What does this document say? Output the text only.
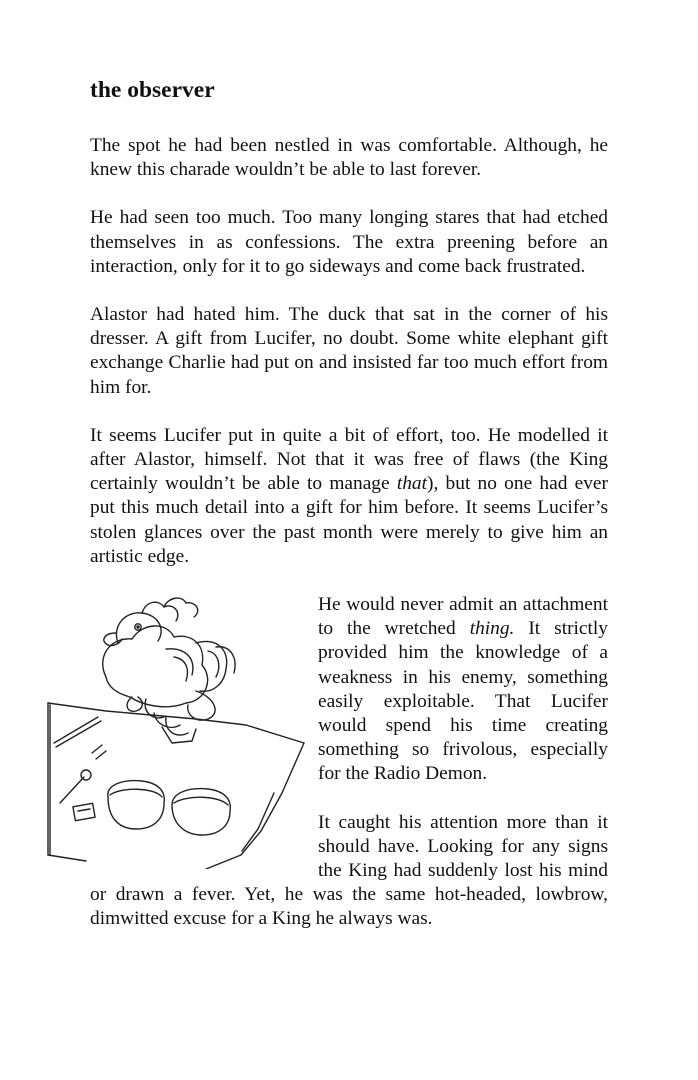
the observer

The spot he had been nestled in was comfortable. Although, he knew this charade wouldn’t be able to last forever.

He had seen too much. Too many longing stares that had etched themselves in as confessions. The extra preening before an interaction, only for it to go sideways and come back frustrated.

Alastor had hated him. The duck that sat in the corner of his dresser. A gift from Lucifer, no doubt. Some white elephant gift exchange Charlie had put on and insisted far too much effort from him for.

It seems Lucifer put in quite a bit of effort, too. He modelled it after Alastor, himself. Not that it was free of flaws (the King certainly wouldn’t be able to manage that), but no one had ever put this much detail into a gift for him before. It seems Lucifer’s stolen glances over the past month were merely to give him an artistic edge.

He would never admit an attachment to the wretched thing. It strictly provided him the knowledge of a weakness in his enemy, something easily exploitable. That Lucifer would spend his time creating something so frivolous, especially for the Radio Demon.

It caught his attention more than it should have. Looking for any signs the King had suddenly lost his mind or drawn a fever. Yet, he was the same hot-headed, lowbrow, dimwitted excuse for a King he always was.
